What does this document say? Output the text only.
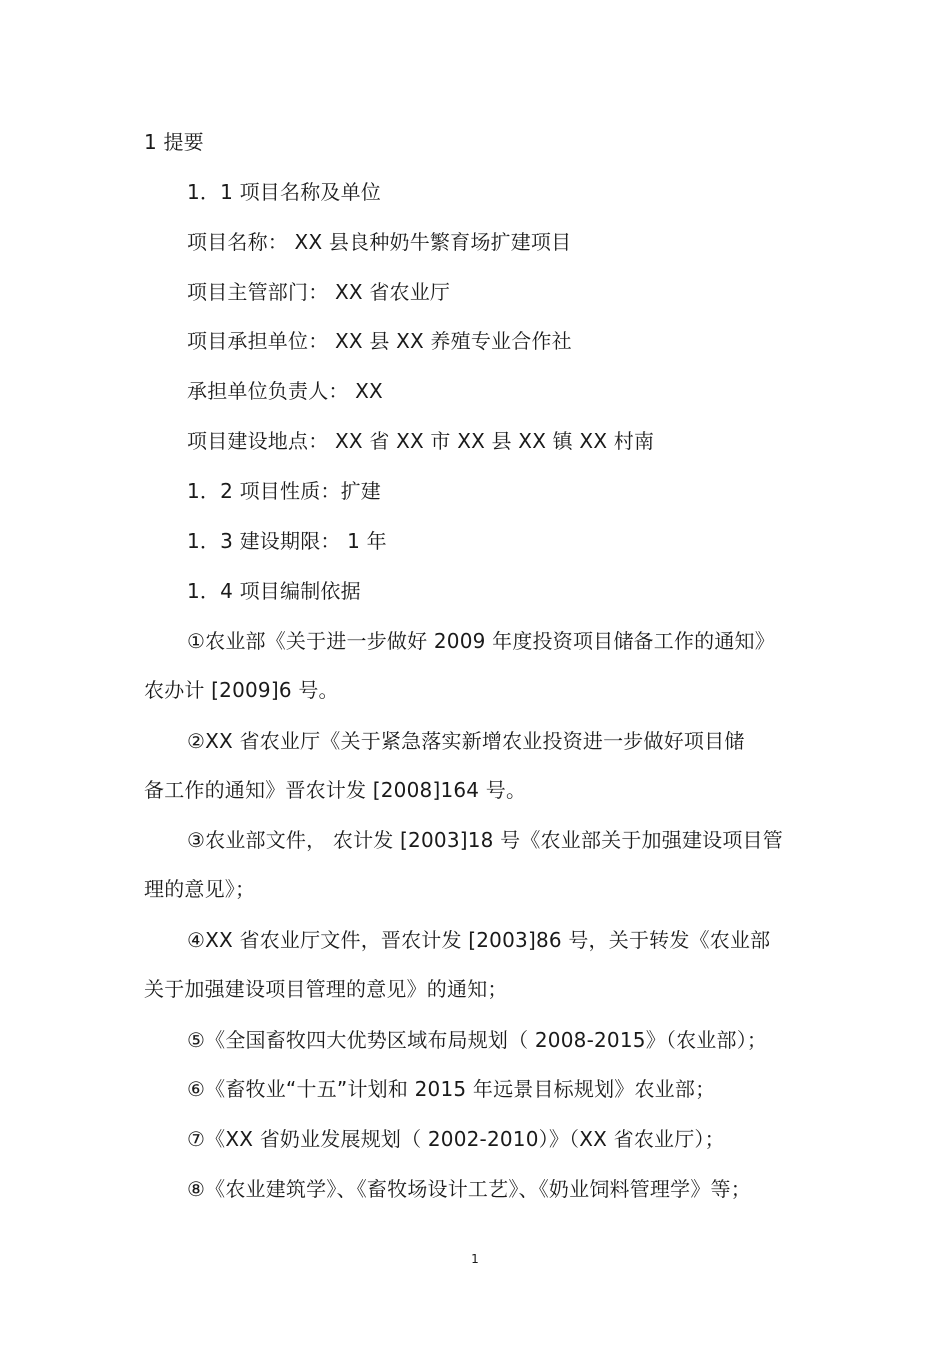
1 提要
1．1 项目名称及单位
项目名称： XX 县良种奶牛繁育场扩建项目
项目主管部门： XX 省农业厅
项目承担单位： XX 县 XX 养殖专业合作社
承担单位负责人： XX
项目建设地点： XX 省 XX 市 XX 县 XX 镇 XX 村南
1．2 项目性质：扩建
1．3 建设期限： 1 年
1．4 项目编制依据
①农业部《关于进一步做好 2009 年度投资项目储备工作的通知》
农办计 [2009]6 号。
②XX 省农业厅《关于紧急落实新增农业投资进一步做好项目储
备工作的通知》晋农计发 [2008]164 号。
③农业部文件， 农计发 [2003]18 号《农业部关于加强建设项目管
理的意见》；
④XX 省农业厅文件，晋农计发 [2003]86 号，关于转发《农业部
关于加强建设项目管理的意见》的通知；
⑤《全国畜牧四大优势区域布局规划（ 2008-2015》（农业部）；
⑥《畜牧业“十五”计划和 2015 年远景目标规划》农业部；
⑦《XX 省奶业发展规划（ 2002-2010）》（XX 省农业厅）；
⑧《农业建筑学》、《畜牧场设计工艺》、《奶业饲料管理学》等；
1
